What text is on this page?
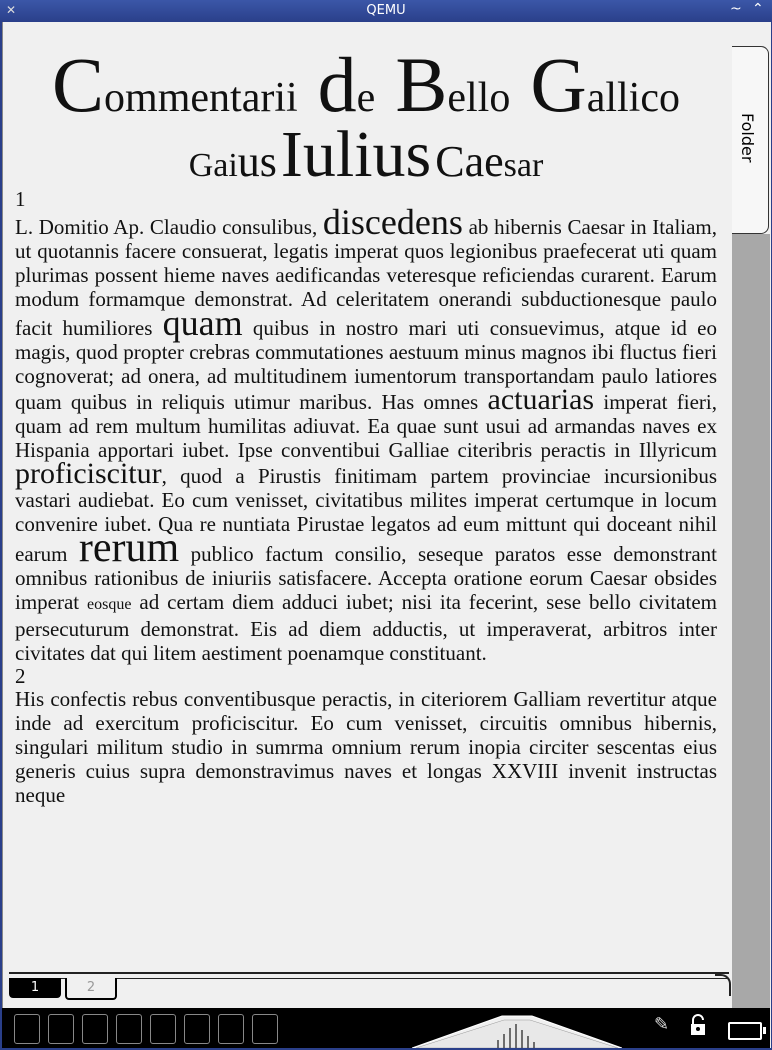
✕	QEMU	~ ⌃
Commentarii de Bello Gallico
Gaius Iulius Caesar
1
L. Domitio Ap. Claudio consulibus, discedens ab hibernis Caesar in Italiam, ut quotannis facere consuerat, legatis imperat quos legionibus praefecerat uti quam plurimas possent hieme naves aedificandas veteresque reficiendas curarent. Earum modum formamque demonstrat. Ad celeritatem onerandi subductionesque paulo facit humiliores quam quibus in nostro mari uti consuevimus, atque id eo magis, quod propter crebras commutationes aestuum minus magnos ibi fluctus fieri cognoverat; ad onera, ad multitudinem iumentorum transportandam paulo latiores quam quibus in reliquis utimur maribus. Has omnes actuarias imperat fieri, quam ad rem multum humilitas adiuvat. Ea quae sunt usui ad armandas naves ex Hispania apportari iubet. Ipse conventibui Galliae citeribris peractis in Illyricum proficiscitur, quod a Pirustis finitimam partem provinciae incursionibus vastari audiebat. Eo cum venisset, civitatibus milites imperat certumque in locum convenire iubet. Qua re nuntiata Pirustae legatos ad eum mittunt qui doceant nihil earum rerum publico factum consilio, seseque paratos esse demonstrant omnibus rationibus de iniuriis satisfacere. Accepta oratione eorum Caesar obsides imperat eosque ad certam diem adduci iubet; nisi ita fecerint, sese bello civitatem persecuturum demonstrat. Eis ad diem adductis, ut imperaverat, arbitros inter civitates dat qui litem aestiment poenamque constituant.
2
His confectis rebus conventibusque peractis, in citeriorem Galliam revertitur atque inde ad exercitum proficiscitur. Eo cum venisset, circuitis omnibus hibernis, singulari militum studio in sumrma omnium rerum inopia circiter sescentas eius generis cuius supra demonstravimus naves et longas XXVIII invenit instructas neque
Folder
1	2
✎
